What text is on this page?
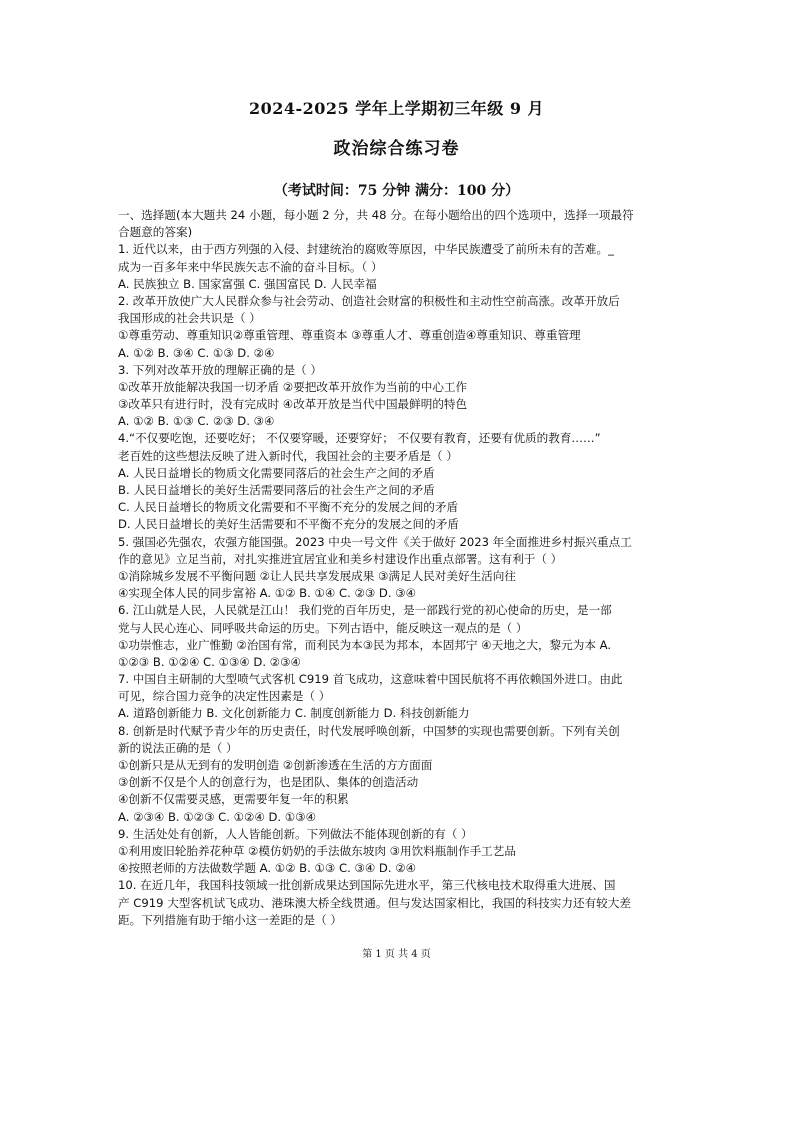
2024-2025 学年上学期初三年级 9 月
政治综合练习卷
（考试时间：75 分钟 满分：100 分）
一、选择题(本大题共 24 小题，每小题 2 分，共 48 分。在每小题给出的四个选项中，选择一项最符
合题意的答案)
1. 近代以来，由于西方列强的入侵、封建统治的腐败等原因，中华民族遭受了前所未有的苦难。_
成为一百多年来中华民族矢志不渝的奋斗目标。（ ）
A. 民族独立 B. 国家富强 C. 强国富民 D. 人民幸福
2. 改革开放使广大人民群众参与社会劳动、创造社会财富的积极性和主动性空前高涨。改革开放后
我国形成的社会共识是（ ）
①尊重劳动、尊重知识②尊重管理、尊重资本 ③尊重人才、尊重创造④尊重知识、尊重管理
A. ①② B. ③④ C. ①③ D. ②④
3. 下列对改革开放的理解正确的是（ ）
①改革开放能解决我国一切矛盾 ②要把改革开放作为当前的中心工作
③改革只有进行时，没有完成时 ④改革开放是当代中国最鲜明的特色
A. ①② B. ①③ C. ②③ D. ③④
4.“不仅要吃饱，还要吃好； 不仅要穿暖，还要穿好； 不仅要有教育，还要有优质的教育……”
老百姓的这些想法反映了进入新时代，我国社会的主要矛盾是（ ）
A. 人民日益增长的物质文化需要同落后的社会生产之间的矛盾
B. 人民日益增长的美好生活需要同落后的社会生产之间的矛盾
C. 人民日益增长的物质文化需要和不平衡不充分的发展之间的矛盾
D. 人民日益增长的美好生活需要和不平衡不充分的发展之间的矛盾
5. 强国必先强农，农强方能国强。2023 中央一号文件《关于做好 2023 年全面推进乡村振兴重点工
作的意见》立足当前，对扎实推进宜居宜业和美乡村建设作出重点部署。这有利于（ ）
①消除城乡发展不平衡问题 ②让人民共享发展成果 ③满足人民对美好生活向往
④实现全体人民的同步富裕 A. ①② B. ①④ C. ②③ D. ③④
6. 江山就是人民，人民就是江山！ 我们党的百年历史，是一部践行党的初心使命的历史，是一部
党与人民心连心、同呼吸共命运的历史。下列古语中，能反映这一观点的是（ ）
①功崇惟志，业广惟勤 ②治国有常，而利民为本③民为邦本，本固邦宁 ④天地之大，黎元为本 A.
①②③ B. ①②④ C. ①③④ D. ②③④
7. 中国自主研制的大型喷气式客机 C919 首飞成功，这意味着中国民航将不再依赖国外进口。由此
可见，综合国力竞争的决定性因素是（ ）
A. 道路创新能力 B. 文化创新能力 C. 制度创新能力 D. 科技创新能力
8. 创新是时代赋予青少年的历史责任，时代发展呼唤创新，中国梦的实现也需要创新。下列有关创
新的说法正确的是（ ）
①创新只是从无到有的发明创造 ②创新渗透在生活的方方面面
③创新不仅是个人的创意行为，也是团队、集体的创造活动
④创新不仅需要灵感，更需要年复一年的积累
A. ②③④ B. ①②③ C. ①②④ D. ①③④
9. 生活处处有创新，人人皆能创新。下列做法不能体现创新的有（ ）
①利用废旧轮胎养花种草 ②模仿奶奶的手法做东坡肉 ③用饮料瓶制作手工艺品
④按照老师的方法做数学题 A. ①② B. ①③ C. ③④ D. ②④
10. 在近几年，我国科技领域一批创新成果达到国际先进水平，第三代核电技术取得重大进展、国
产 C919 大型客机试飞成功、港珠澳大桥全线贯通。但与发达国家相比，我国的科技实力还有较大差
距。下列措施有助于缩小这一差距的是（ ）
第 1 页 共 4 页
